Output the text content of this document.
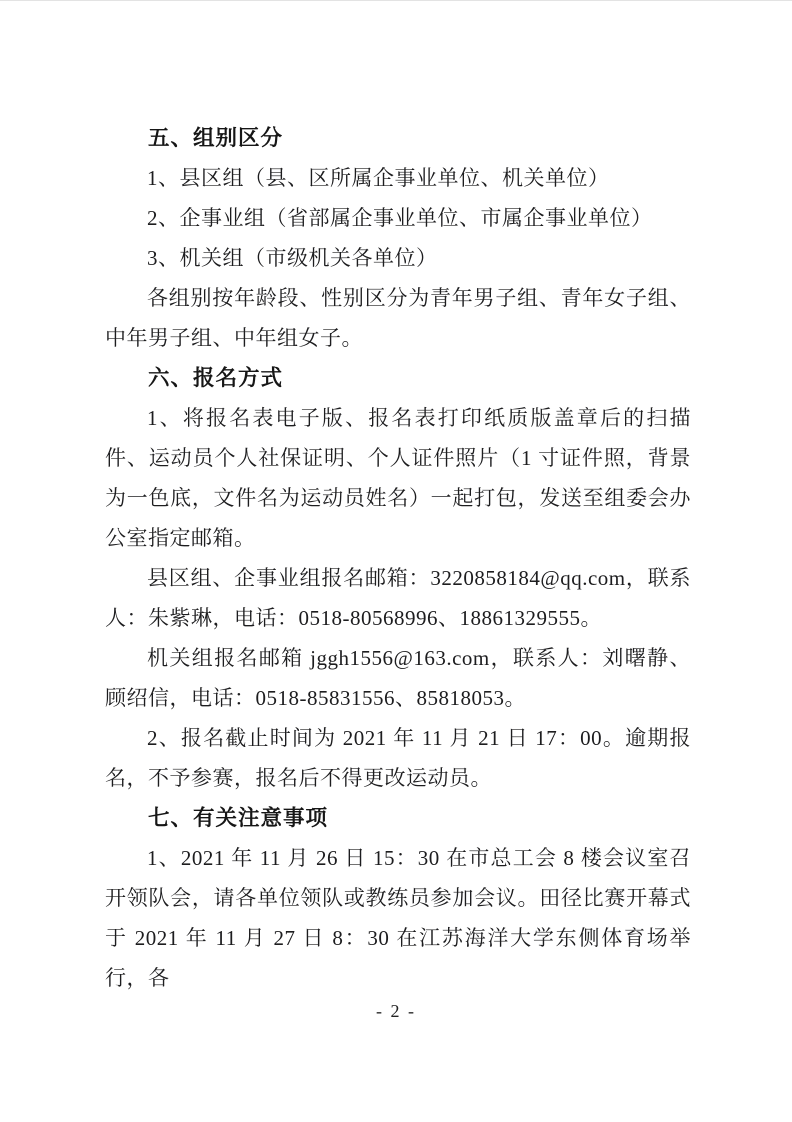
五、组别区分

1、县区组（县、区所属企事业单位、机关单位）

2、企事业组（省部属企事业单位、市属企事业单位）

3、机关组（市级机关各单位）

各组别按年龄段、性别区分为青年男子组、青年女子组、中年男子组、中年组女子。

六、报名方式

1、将报名表电子版、报名表打印纸质版盖章后的扫描件、运动员个人社保证明、个人证件照片（1 寸证件照，背景为一色底，文件名为运动员姓名）一起打包，发送至组委会办公室指定邮箱。

县区组、企事业组报名邮箱：3220858184@qq.com，联系人：朱紫琳，电话：0518-80568996、18861329555。

机关组报名邮箱 jggh1556@163.com，联系人：刘曙静、顾绍信，电话：0518-85831556、85818053。

2、报名截止时间为 2021 年 11 月 21 日 17：00。逾期报名，不予参赛，报名后不得更改运动员。

七、有关注意事项

1、2021 年 11 月 26 日 15：30 在市总工会 8 楼会议室召开领队会，请各单位领队或教练员参加会议。田径比赛开幕式于 2021 年 11 月 27 日 8：30 在江苏海洋大学东侧体育场举行，各

- 2 -
